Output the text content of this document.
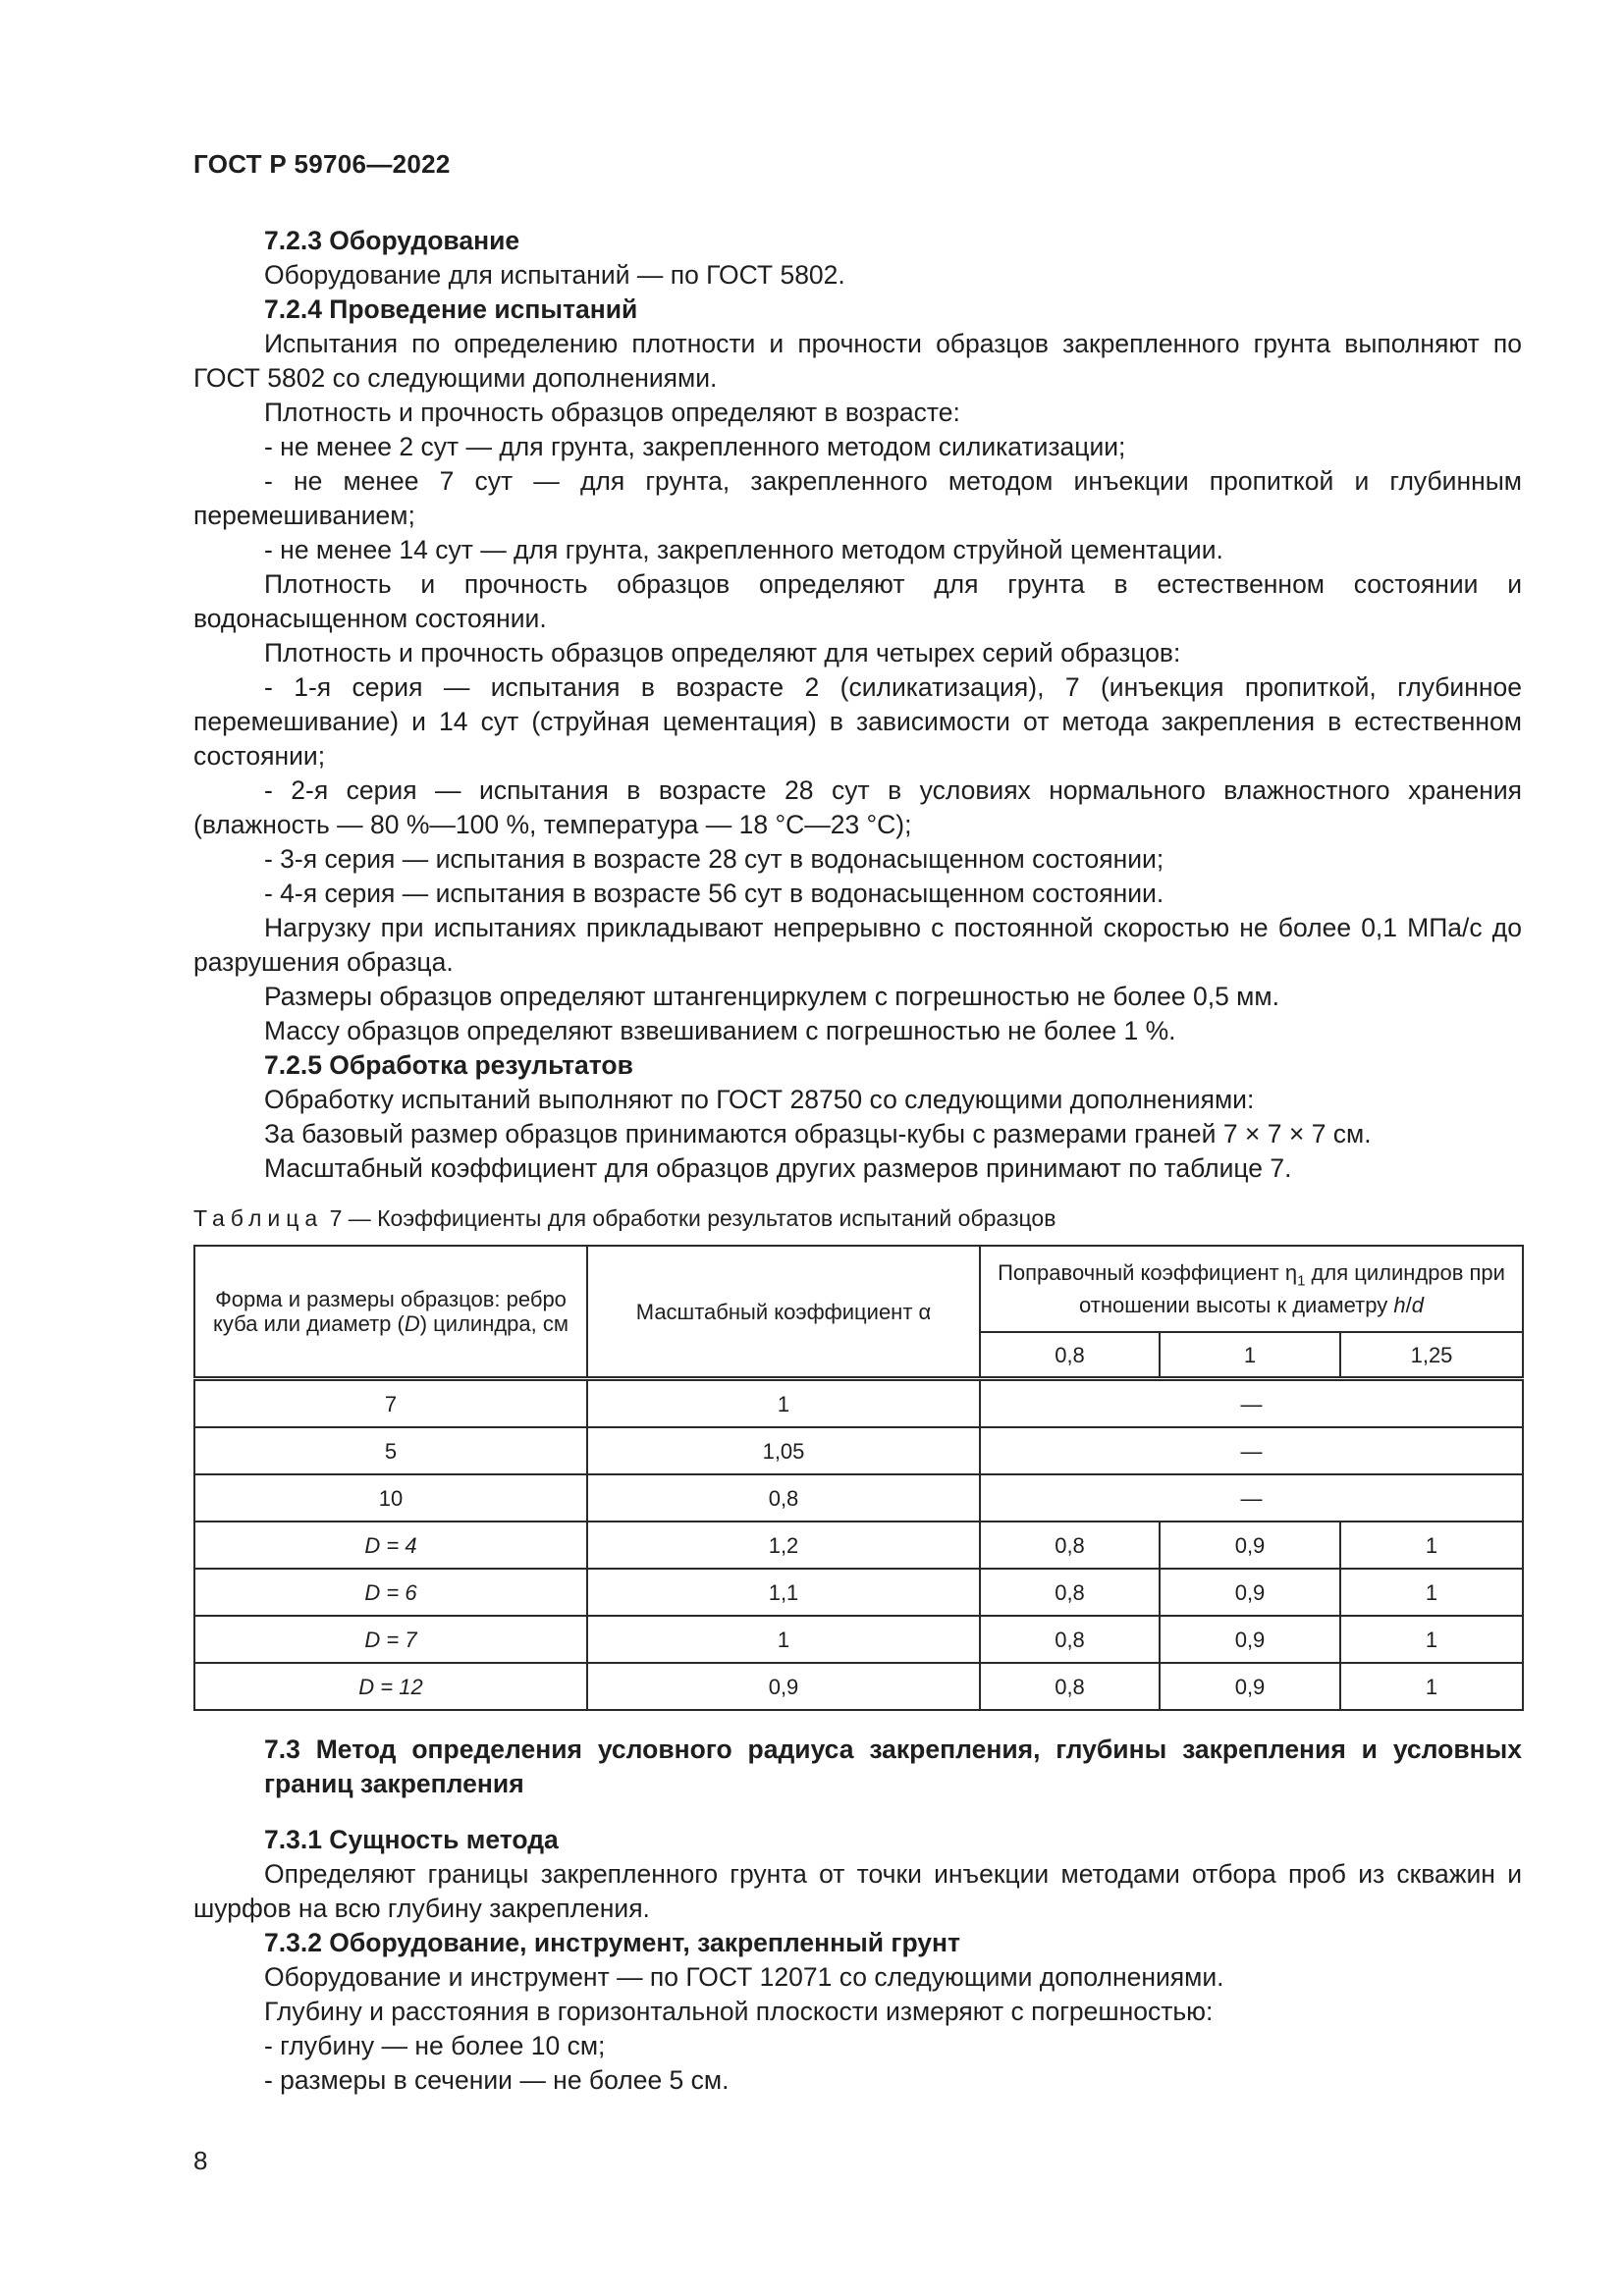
ГОСТ Р 59706—2022

7.2.3 Оборудование

Оборудование для испытаний — по ГОСТ 5802.

7.2.4 Проведение испытаний

Испытания по определению плотности и прочности образцов закрепленного грунта выполняют по ГОСТ 5802 со следующими дополнениями.

Плотность и прочность образцов определяют в возрасте:

- не менее 2 сут — для грунта, закрепленного методом силикатизации;

- не менее 7 сут — для грунта, закрепленного методом инъекции пропиткой и глубинным перемешиванием;

- не менее 14 сут — для грунта, закрепленного методом струйной цементации.

Плотность и прочность образцов определяют для грунта в естественном состоянии и водонасыщенном состоянии.

Плотность и прочность образцов определяют для четырех серий образцов:

- 1-я серия — испытания в возрасте 2 (силикатизация), 7 (инъекция пропиткой, глубинное перемешивание) и 14 сут (струйная цементация) в зависимости от метода закрепления в естественном состоянии;

- 2-я серия — испытания в возрасте 28 сут в условиях нормального влажностного хранения (влажность — 80 %—100 %, температура — 18 °C—23 °C);

- 3-я серия — испытания в возрасте 28 сут в водонасыщенном состоянии;

- 4-я серия — испытания в возрасте 56 сут в водонасыщенном состоянии.

Нагрузку при испытаниях прикладывают непрерывно с постоянной скоростью не более 0,1 МПа/с до разрушения образца.

Размеры образцов определяют штангенциркулем с погрешностью не более 0,5 мм.

Массу образцов определяют взвешиванием с погрешностью не более 1 %.

7.2.5 Обработка результатов

Обработку испытаний выполняют по ГОСТ 28750 со следующими дополнениями:

За базовый размер образцов принимаются образцы-кубы с размерами граней 7 × 7 × 7 см.

Масштабный коэффициент для образцов других размеров принимают по таблице 7.

Таблица 7 — Коэффициенты для обработки результатов испытаний образцов

Форма и размеры образцов: ребро куба или диаметр (D) цилиндра, см	Масштабный коэффициент α	Поправочный коэффициент $\eta_1$ для цилиндров при отношении высоты к диаметру h/d		
		0,8	1	1,25
7	1	—		
5	1,05	—		
10	0,8	—		
D = 4	1,2	0,8	0,9	1
D = 6	1,1	0,8	0,9	1
D = 7	1	0,8	0,9	1
D = 12	0,9	0,8	0,9	1

7.3 Метод определения условного радиуса закрепления, глубины закрепления и условных границ закрепления

7.3.1 Сущность метода

Определяют границы закрепленного грунта от точки инъекции методами отбора проб из скважин и шурфов на всю глубину закрепления.

7.3.2 Оборудование, инструмент, закрепленный грунт

Оборудование и инструмент — по ГОСТ 12071 со следующими дополнениями.

Глубину и расстояния в горизонтальной плоскости измеряют с погрешностью:

- глубину — не более 10 см;

- размеры в сечении — не более 5 см.

8
